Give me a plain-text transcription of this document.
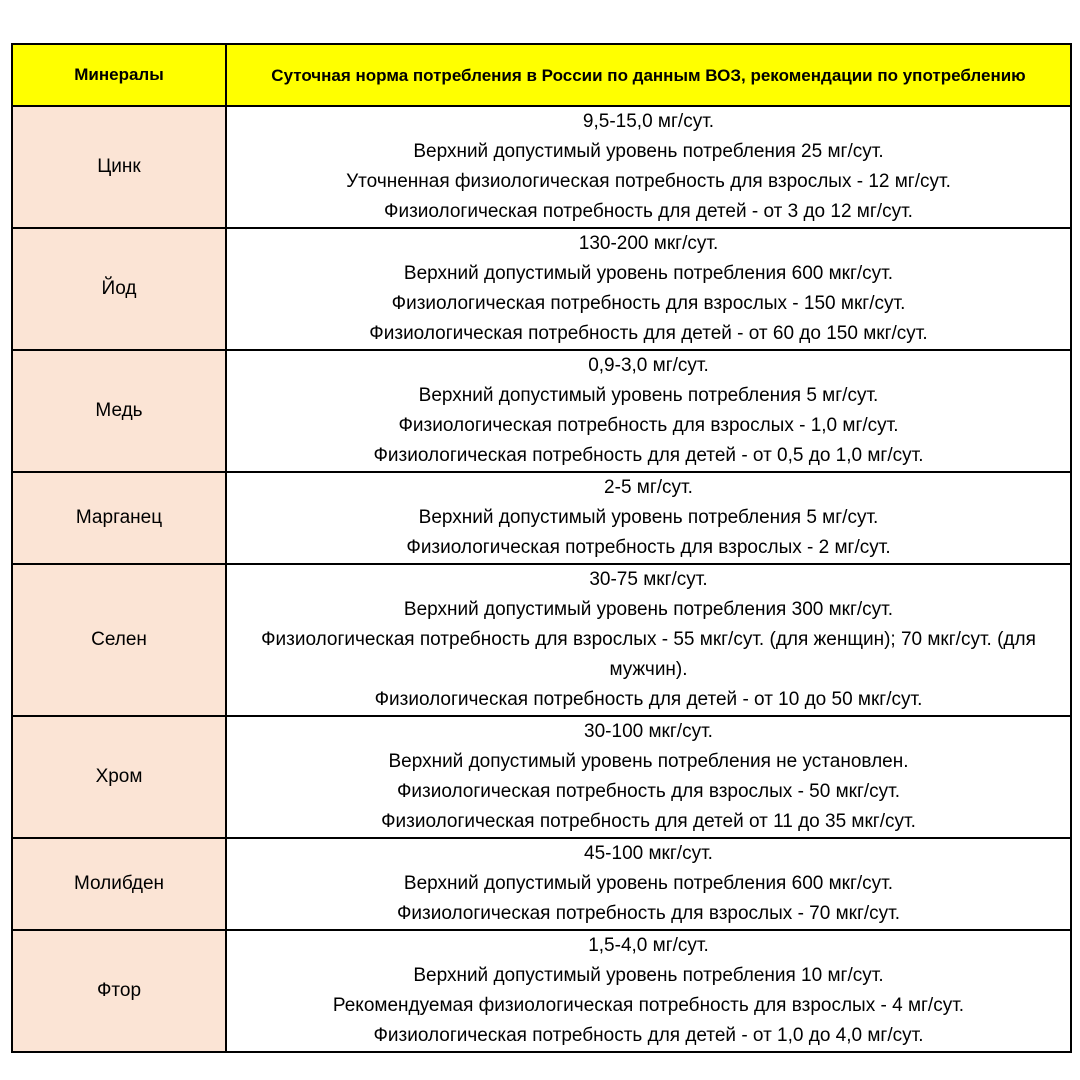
Минералы	Суточная норма потребления в России по данным ВОЗ, рекомендации по употреблению
Цинк	9,5-15,0 мг/сут.
Верхний допустимый уровень потребления 25 мг/сут.
Уточненная физиологическая потребность для взрослых - 12 мг/сут.
Физиологическая потребность для детей - от 3 до 12 мг/сут.

Йод	130-200 мкг/сут.
Верхний допустимый уровень потребления 600 мкг/сут.
Физиологическая потребность для взрослых - 150 мкг/сут.
Физиологическая потребность для детей - от 60 до 150 мкг/сут.

Медь	0,9-3,0 мг/сут.
Верхний допустимый уровень потребления 5 мг/сут.
Физиологическая потребность для взрослых - 1,0 мг/сут.
Физиологическая потребность для детей - от 0,5 до 1,0 мг/сут.

Марганец	2-5 мг/сут.
Верхний допустимый уровень потребления 5 мг/сут.
Физиологическая потребность для взрослых - 2 мг/сут.

Селен	30-75 мкг/сут.
Верхний допустимый уровень потребления 300 мкг/сут.
Физиологическая потребность для взрослых - 55 мкг/сут. (для женщин); 70 мкг/сут. (для мужчин).
Физиологическая потребность для детей - от 10 до 50 мкг/сут.

Хром	30-100 мкг/сут.
Верхний допустимый уровень потребления не установлен.
Физиологическая потребность для взрослых - 50 мкг/сут.
Физиологическая потребность для детей от 11 до 35 мкг/сут.

Молибден	45-100 мкг/сут.
Верхний допустимый уровень потребления 600 мкг/сут.
Физиологическая потребность для взрослых - 70 мкг/сут.

Фтор	1,5-4,0 мг/сут.
Верхний допустимый уровень потребления 10 мг/сут.
Рекомендуемая физиологическая потребность для взрослых - 4 мг/сут.
Физиологическая потребность для детей - от 1,0 до 4,0 мг/сут.
